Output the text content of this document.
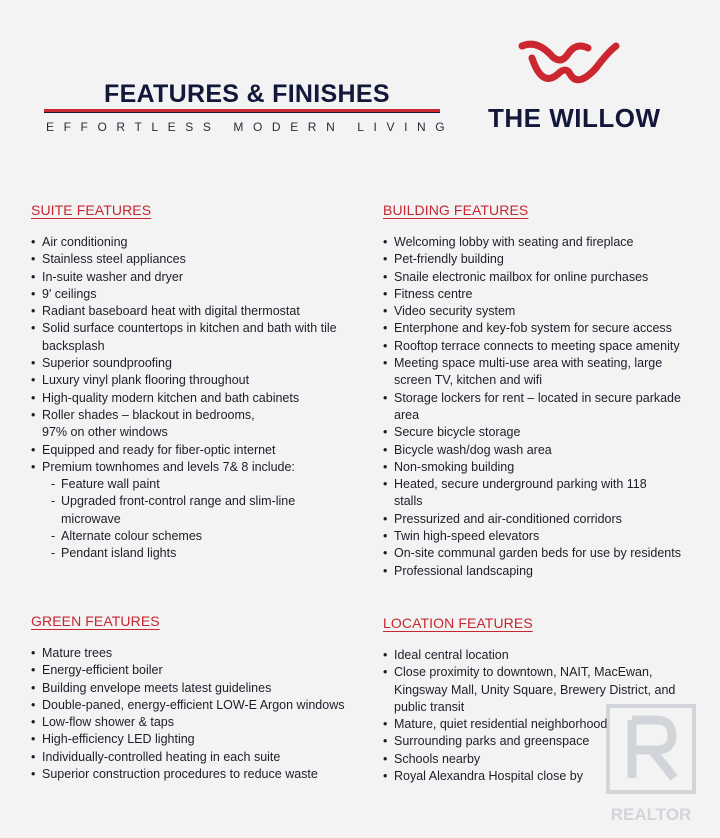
FEATURES & FINISHES
EFFORTLESS MODERN LIVING THE WILLOW
SUITE FEATURES
• Air conditioning
• Stainless steel appliances
• In-suite washer and dryer
• 9' ceilings
• Radiant baseboard heat with digital thermostat
• Solid surface countertops in kitchen and bath with tile backsplash
• Superior soundproofing
• Luxury vinyl plank flooring throughout
• High-quality modern kitchen and bath cabinets
• Roller shades – blackout in bedrooms, 97% on other windows
• Equipped and ready for fiber-optic internet
• Premium townhomes and levels 7& 8 include:
- Feature wall paint
- Upgraded front-control range and slim-line microwave
- Alternate colour schemes
- Pendant island lights
BUILDING FEATURES
• Welcoming lobby with seating and fireplace
• Pet-friendly building
• Snaile electronic mailbox for online purchases
• Fitness centre
• Video security system
• Enterphone and key-fob system for secure access
• Rooftop terrace connects to meeting space amenity
• Meeting space multi-use area with seating, large screen TV, kitchen and wifi
• Storage lockers for rent – located in secure parkade area
• Secure bicycle storage
• Bicycle wash/dog wash area
• Non-smoking building
• Heated, secure underground parking with 118 stalls
• Pressurized and air-conditioned corridors
• Twin high-speed elevators
• On-site communal garden beds for use by residents
• Professional landscaping
GREEN FEATURES
• Mature trees
• Energy-efficient boiler
• Building envelope meets latest guidelines
• Double-paned, energy-efficient LOW-E Argon windows
• Low-flow shower & taps
• High-efficiency LED lighting
• Individually-controlled heating in each suite
• Superior construction procedures to reduce waste
LOCATION FEATURES
• Ideal central location
• Close proximity to downtown, NAIT, MacEwan, Kingsway Mall, Unity Square, Brewery District, and public transit
• Mature, quiet residential neighborhood
• Surrounding parks and greenspace
• Schools nearby
• Royal Alexandra Hospital close by
REALTOR
